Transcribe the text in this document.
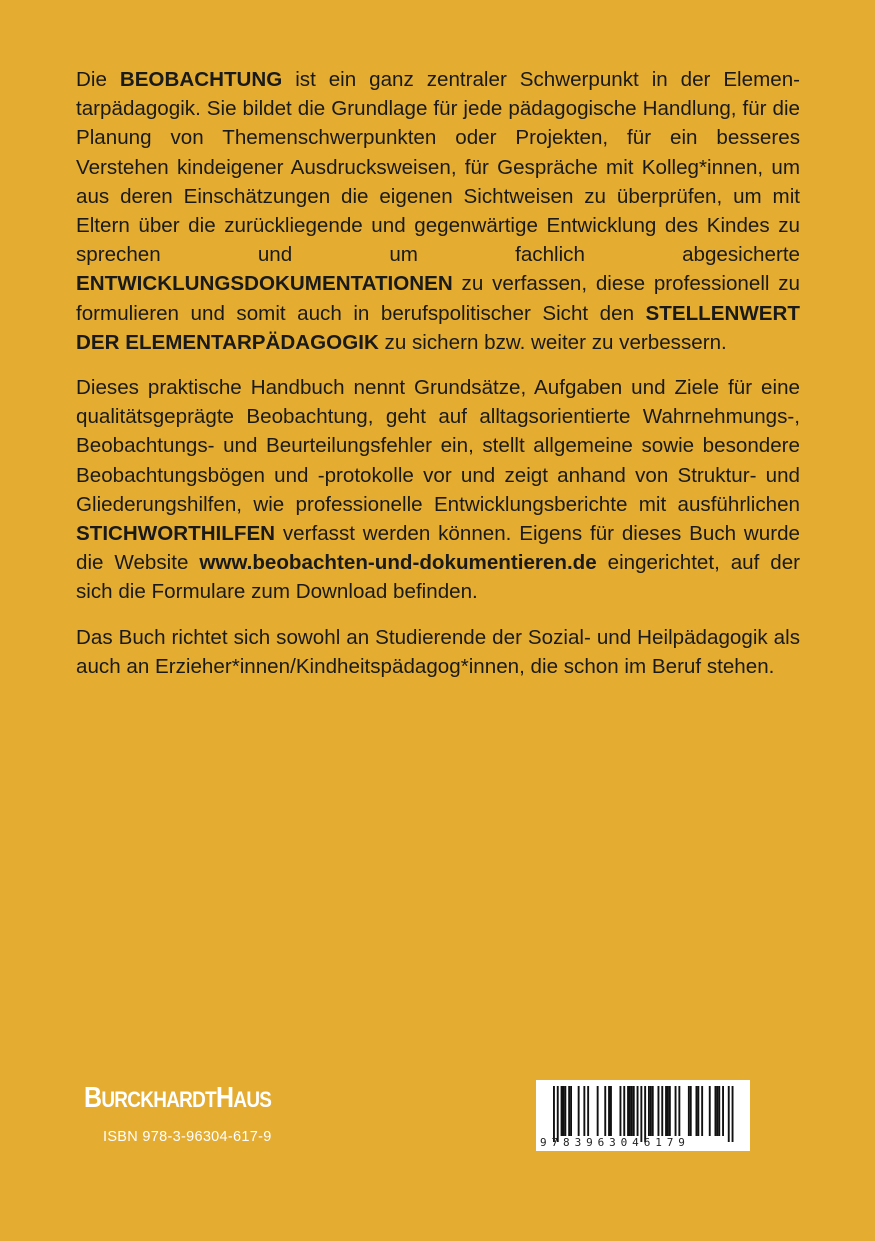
Die BEOBACHTUNG ist ein ganz zentraler Schwerpunkt in der Elementarpädagogik. Sie bildet die Grundlage für jede pädagogische Handlung, für die Planung von Themenschwerpunkten oder Projekten, für ein besseres Verstehen kindeigener Ausdrucksweisen, für Gespräche mit Kolleg*innen, um aus deren Einschätzungen die eigenen Sichtweisen zu überprüfen, um mit Eltern über die zurückliegende und gegenwärtige Entwicklung des Kindes zu sprechen und um fachlich abgesicherte ENTWICKLUNGSDOKUMENTATIONEN zu verfassen, diese professionell zu formulieren und somit auch in berufspolitischer Sicht den STELLENWERT DER ELEMENTARPÄDAGOGIK zu sichern bzw. weiter zu verbessern.

Dieses praktische Handbuch nennt Grundsätze, Aufgaben und Ziele für eine qualitätsgeprägte Beobachtung, geht auf alltagsorientierte Wahrnehmungs-, Beobachtungs- und Beurteilungsfehler ein, stellt allgemeine sowie besondere Beobachtungsbögen und -protokolle vor und zeigt anhand von Struktur- und Gliederungshilfen, wie professionelle Entwicklungsberichte mit ausführlichen STICHWORTHILFEN verfasst werden können. Eigens für dieses Buch wurde die Website www.beobachten-und-dokumentieren.de eingerichtet, auf der sich die Formulare zum Download befinden.

Das Buch richtet sich sowohl an Studierende der Sozial- und Heilpädagogik als auch an Erzieher*innen/Kindheitspädagog*innen, die schon im Beruf stehen.

BURCKHARDTHAUS
ISBN 978-3-96304-617-9	9783963046179
